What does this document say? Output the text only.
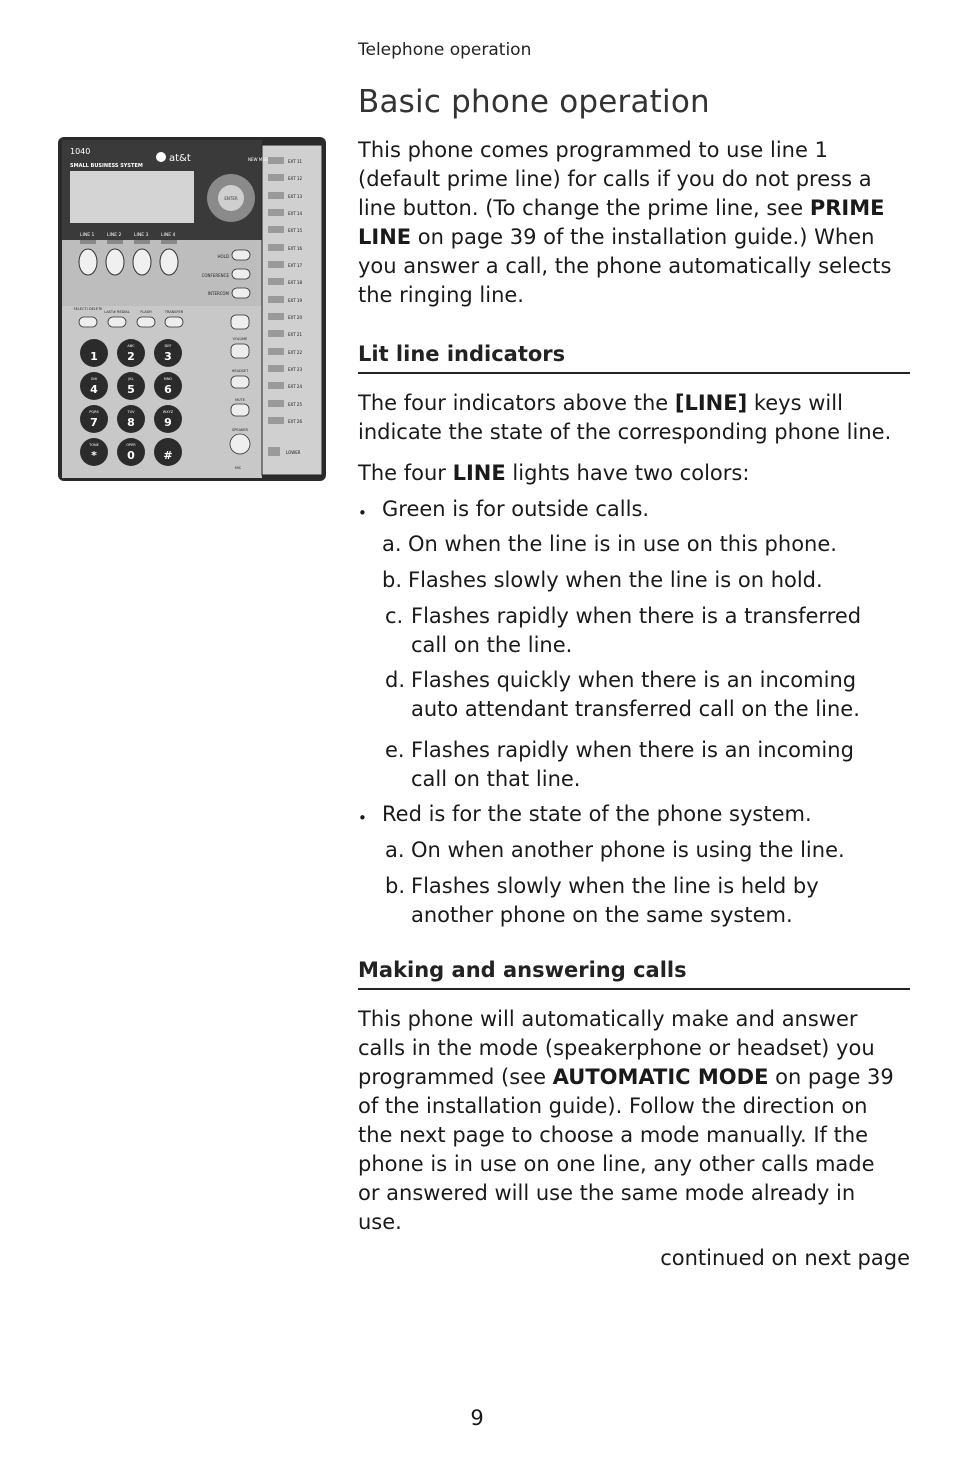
Telephone operation
Basic phone operation
1040
at&t
SMALL BUSINESS SYSTEM
ENTER
NEW MSG
LINE 1	LINE 2	LINE 3	LINE 4
HOLD
CONFERENCE
INTERCOM
SELECT/ DELETE
LAST# REDIAL	FLASH	TRANSFER
1	2	3
4	5	6
7	8	9
*	0	#
ABC	DEF
GHI	JKL	MNO
PQRS	TUV	WXYZ
TONE	OPER
VOLUME
HEADSET
MUTE
SPEAKER
MIC
EXT 11
EXT 12
EXT 13
EXT 14
EXT 15
EXT 16
EXT 17
EXT 18
EXT 19
EXT 20
EXT 21
EXT 22
EXT 23
EXT 24
EXT 25
EXT 26
LOWER
This phone comes programmed to use line 1
(default prime line) for calls if you do not press a
line button. (To change the prime line, see PRIME
LINE on page 39 of the installation guide.) When
you answer a call, the phone automatically selects
the ringing line.
Lit line indicators
The four indicators above the [LINE] keys will
indicate the state of the corresponding phone line.
The four LINE lights have two colors:
• Green is for outside calls.
a. On when the line is in use on this phone.
b. Flashes slowly when the line is on hold.
c. Flashes rapidly when there is a transferred
call on the line.
d. Flashes quickly when there is an incoming
auto attendant transferred call on the line.
e. Flashes rapidly when there is an incoming
call on that line.
• Red is for the state of the phone system.
a. On when another phone is using the line.
b. Flashes slowly when the line is held by
another phone on the same system.
Making and answering calls
This phone will automatically make and answer
calls in the mode (speakerphone or headset) you
programmed (see AUTOMATIC MODE on page 39
of the installation guide). Follow the direction on
the next page to choose a mode manually. If the
phone is in use on one line, any other calls made
or answered will use the same mode already in
use.
continued on next page
9
